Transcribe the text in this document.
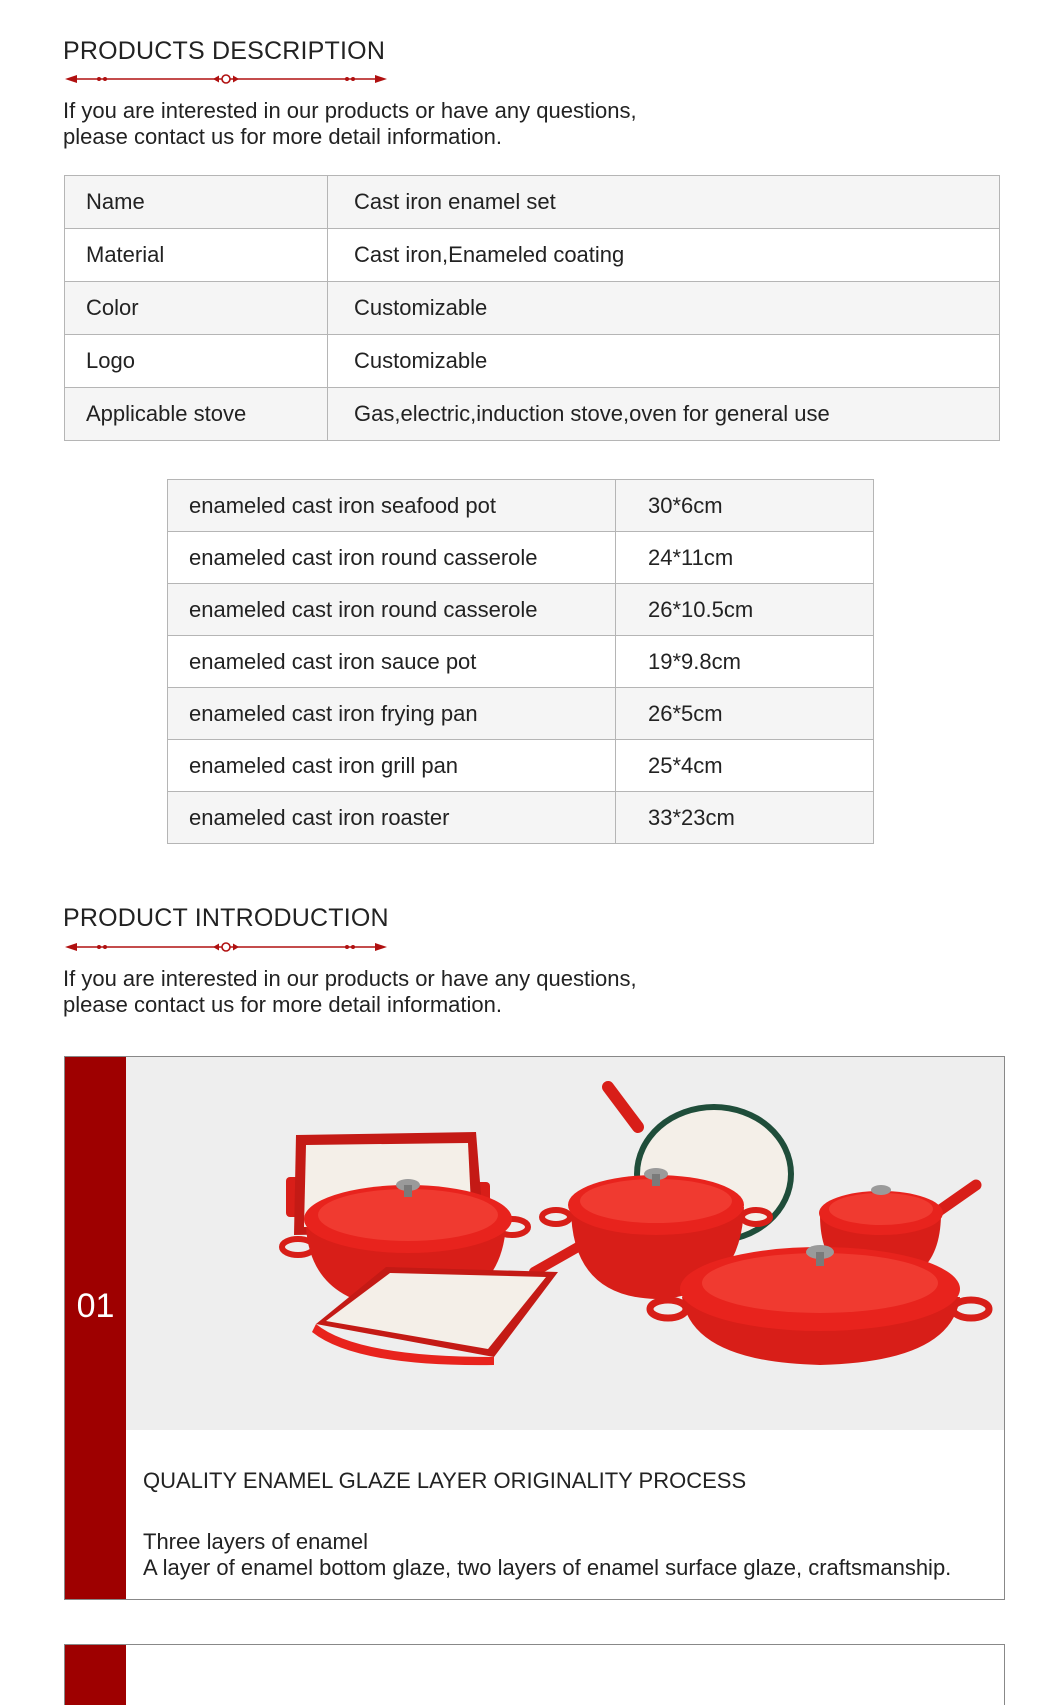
PRODUCTS DESCRIPTION
If you are interested in our products or have any questions,
please contact us for more detail information.
Name	Cast iron enamel set
Material	Cast iron,Enameled coating
Color	Customizable
Logo	Customizable
Applicable stove	Gas,electric,induction stove,oven for general use
enameled cast iron seafood pot	30*6cm
enameled cast iron round casserole	24*11cm
enameled cast iron round casserole	26*10.5cm
enameled cast iron sauce pot	19*9.8cm
enameled cast iron frying pan	26*5cm
enameled cast iron grill pan	25*4cm
enameled cast iron roaster	33*23cm
PRODUCT INTRODUCTION
If you are interested in our products or have any questions,
please contact us for more detail information.
01
QUALITY ENAMEL GLAZE LAYER ORIGINALITY PROCESS
Three layers of enamel
A layer of enamel bottom glaze, two layers of enamel surface glaze, craftsmanship.
